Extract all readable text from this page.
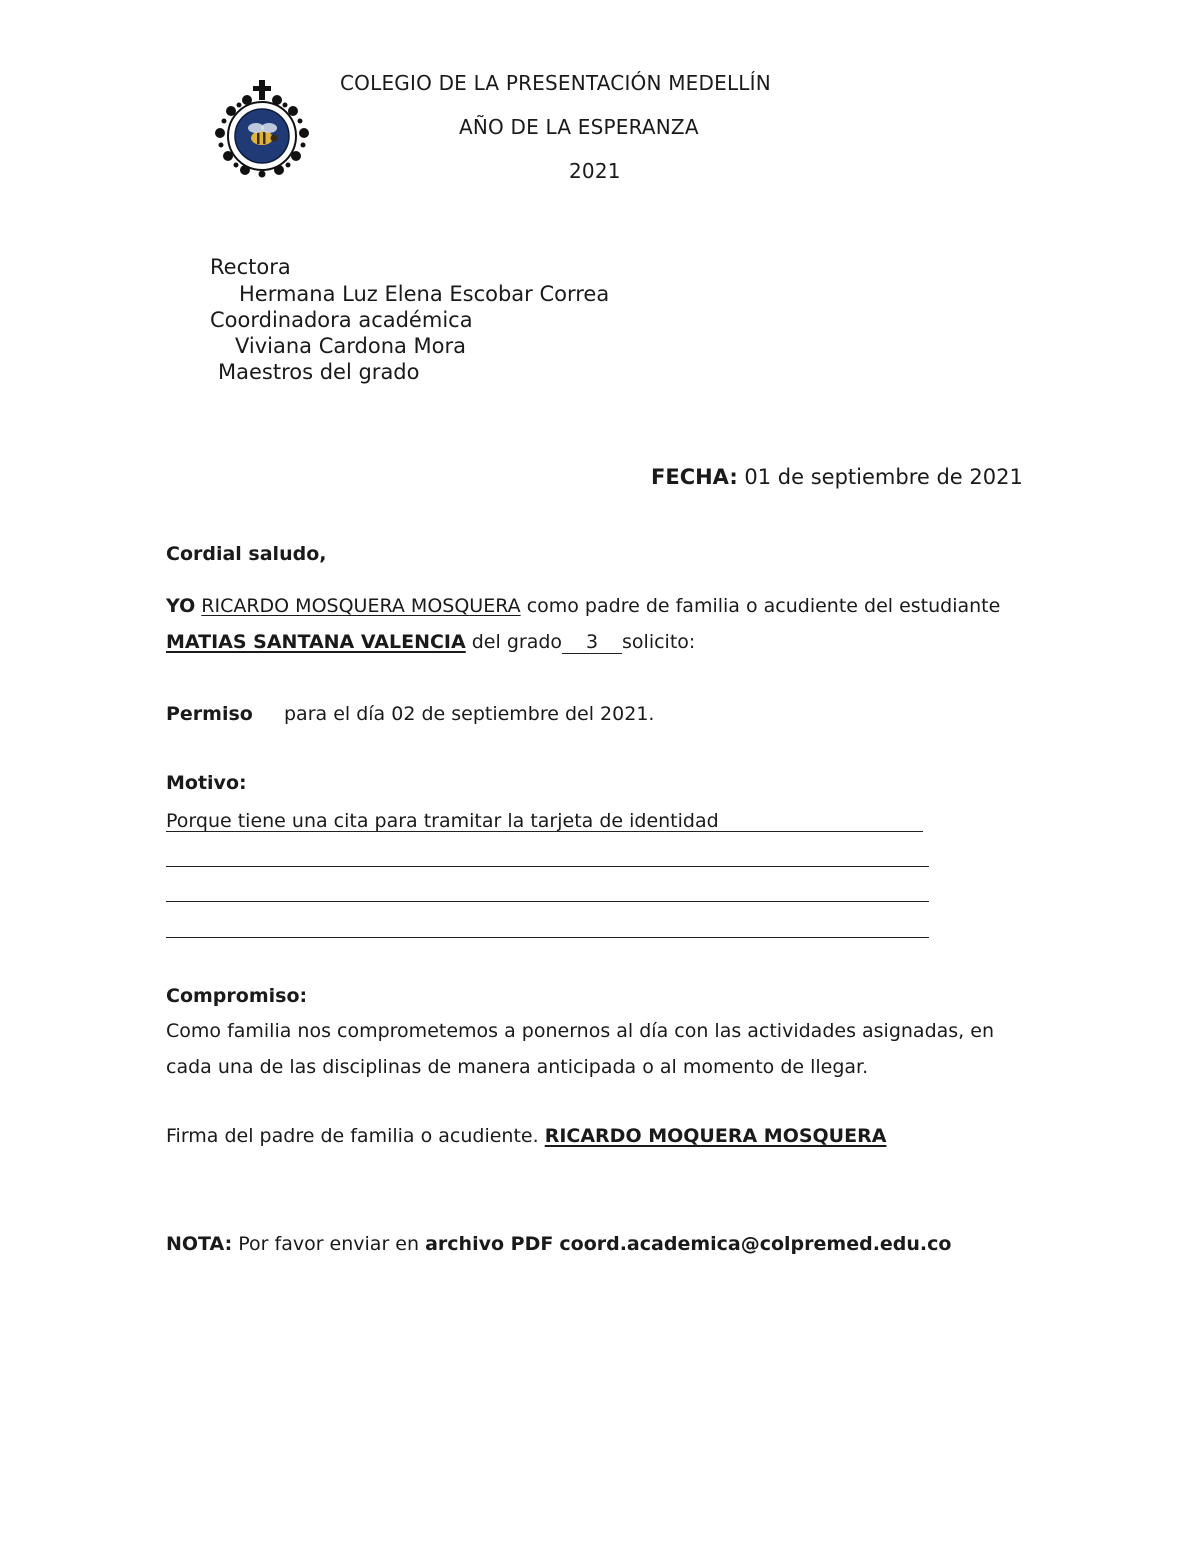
COLEGIO DE LA PRESENTACIÓN MEDELLÍN
AÑO DE LA ESPERANZA
2021
Rectora
Hermana Luz Elena Escobar Correa
Coordinadora académica
Viviana Cardona Mora
Maestros del grado
FECHA: 01 de septiembre de 2021
Cordial saludo,
YO RICARDO MOSQUERA MOSQUERA como padre de familia o acudiente del estudiante
MATIAS SANTANA VALENCIA del grado 3 solicito:
Permiso para el día 02 de septiembre del 2021.
Motivo:
Porque tiene una cita para tramitar la tarjeta de identidad
Compromiso:
Como familia nos comprometemos a ponernos al día con las actividades asignadas, en
cada una de las disciplinas de manera anticipada o al momento de llegar.
Firma del padre de familia o acudiente. RICARDO MOQUERA MOSQUERA
NOTA: Por favor enviar en archivo PDF coord.academica@colpremed.edu.co
